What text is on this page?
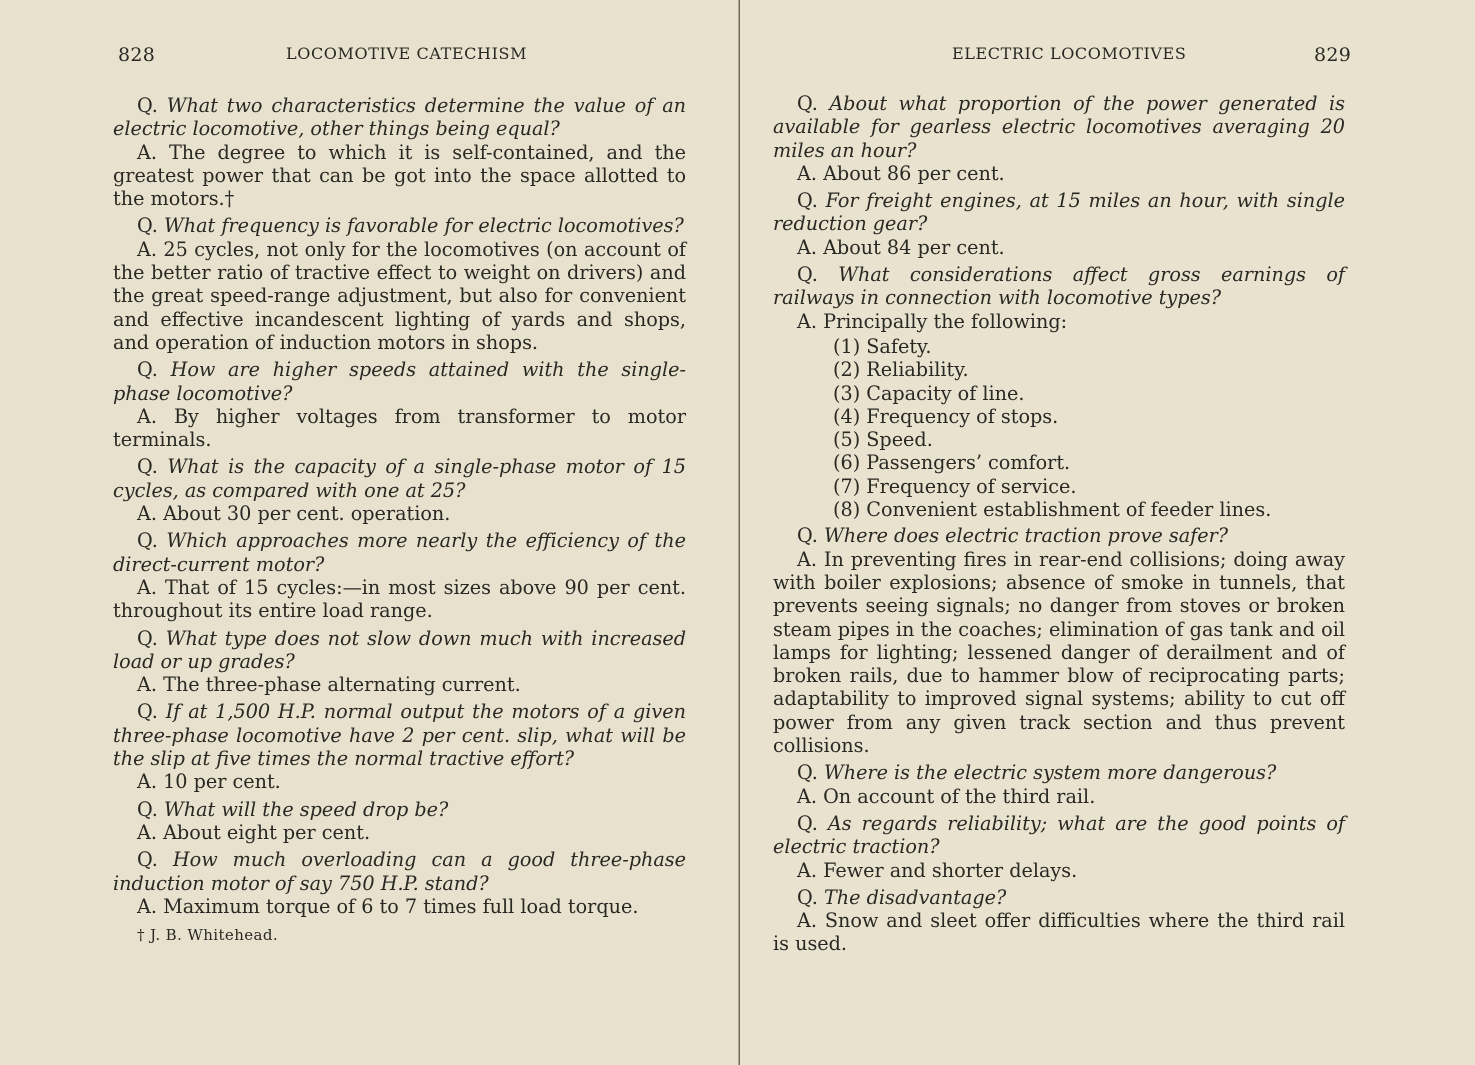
828	LOCOMOTIVE CATECHISM

Q. What two characteristics determine the value of an electric locomotive, other things being equal?

A. The degree to which it is self-contained, and the greatest power that can be got into the space allotted to the motors.†

Q. What frequency is favorable for electric locomotives?

A. 25 cycles, not only for the locomotives (on account of the better ratio of tractive effect to weight on drivers) and the great speed-range adjustment, but also for convenient and effective incandescent lighting of yards and shops, and operation of induction motors in shops.

Q. How are higher speeds attained with the single-phase locomotive?

A. By higher voltages from transformer to motor terminals.

Q. What is the capacity of a single-phase motor of 15 cycles, as compared with one at 25?

A. About 30 per cent. operation.

Q. Which approaches more nearly the efficiency of the direct-current motor?

A. That of 15 cycles:—in most sizes above 90 per cent. throughout its entire load range.

Q. What type does not slow down much with increased load or up grades?

A. The three-phase alternating current.

Q. If at 1,500 H.P. normal output the motors of a given three-phase locomotive have 2 per cent. slip, what will be the slip at five times the normal tractive effort?

A. 10 per cent.

Q. What will the speed drop be?

A. About eight per cent.

Q. How much overloading can a good three-phase induction motor of say 750 H.P. stand?

A. Maximum torque of 6 to 7 times full load torque.

† J. B. Whitehead.
ELECTRIC LOCOMOTIVES	829

Q. About what proportion of the power generated is available for gearless electric locomotives averaging 20 miles an hour?

A. About 86 per cent.

Q. For freight engines, at 15 miles an hour, with single reduction gear?

A. About 84 per cent.

Q. What considerations affect gross earnings of railways in connection with locomotive types?

A. Principally the following:

(1) Safety.
(2) Reliability.
(3) Capacity of line.
(4) Frequency of stops.
(5) Speed.
(6) Passengers’ comfort.
(7) Frequency of service.
(8) Convenient establishment of feeder lines.

Q. Where does electric traction prove safer?

A. In preventing fires in rear-end collisions; doing away with boiler explosions; absence of smoke in tunnels, that prevents seeing signals; no danger from stoves or broken steam pipes in the coaches; elimination of gas tank and oil lamps for lighting; lessened danger of derailment and of broken rails, due to hammer blow of reciprocating parts; adaptability to improved signal systems; ability to cut off power from any given track section and thus prevent collisions.

Q. Where is the electric system more dangerous?

A. On account of the third rail.

Q. As regards reliability; what are the good points of electric traction?

A. Fewer and shorter delays.

Q. The disadvantage?

A. Snow and sleet offer difficulties where the third rail is used.
